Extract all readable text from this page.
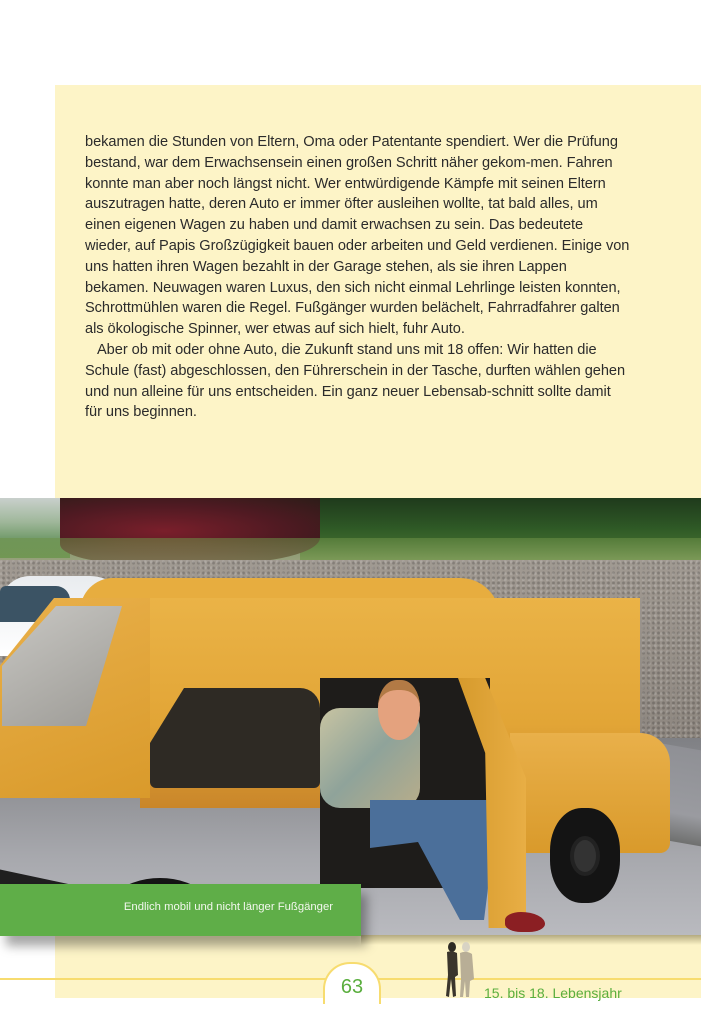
bekamen die Stunden von Eltern, Oma oder Patentante spendiert. Wer die Prüfung bestand, war dem Erwachsensein einen großen Schritt näher gekom-men. Fahren konnte man aber noch längst nicht. Wer entwürdigende Kämpfe mit seinen Eltern auszutragen hatte, deren Auto er immer öfter ausleihen wollte, tat bald alles, um einen eigenen Wagen zu haben und damit erwachsen zu sein. Das bedeutete wieder, auf Papis Großzügigkeit bauen oder arbeiten und Geld verdienen. Einige von uns hatten ihren Wagen bezahlt in der Garage stehen, als sie ihren Lappen bekamen. Neuwagen waren Luxus, den sich nicht einmal Lehrlinge leisten konnten, Schrottmühlen waren die Regel. Fußgänger wurden belächelt, Fahrradfahrer galten als ökologische Spinner, wer etwas auf sich hielt, fuhr Auto.

Aber ob mit oder ohne Auto, die Zukunft stand uns mit 18 offen: Wir hatten die Schule (fast) abgeschlossen, den Führerschein in der Tasche, durften wählen gehen und nun alleine für uns entscheiden. Ein ganz neuer Lebensab-schnitt sollte damit für uns beginnen.

Endlich mobil und nicht länger Fußgänger
63	15. bis 18. Lebensjahr
